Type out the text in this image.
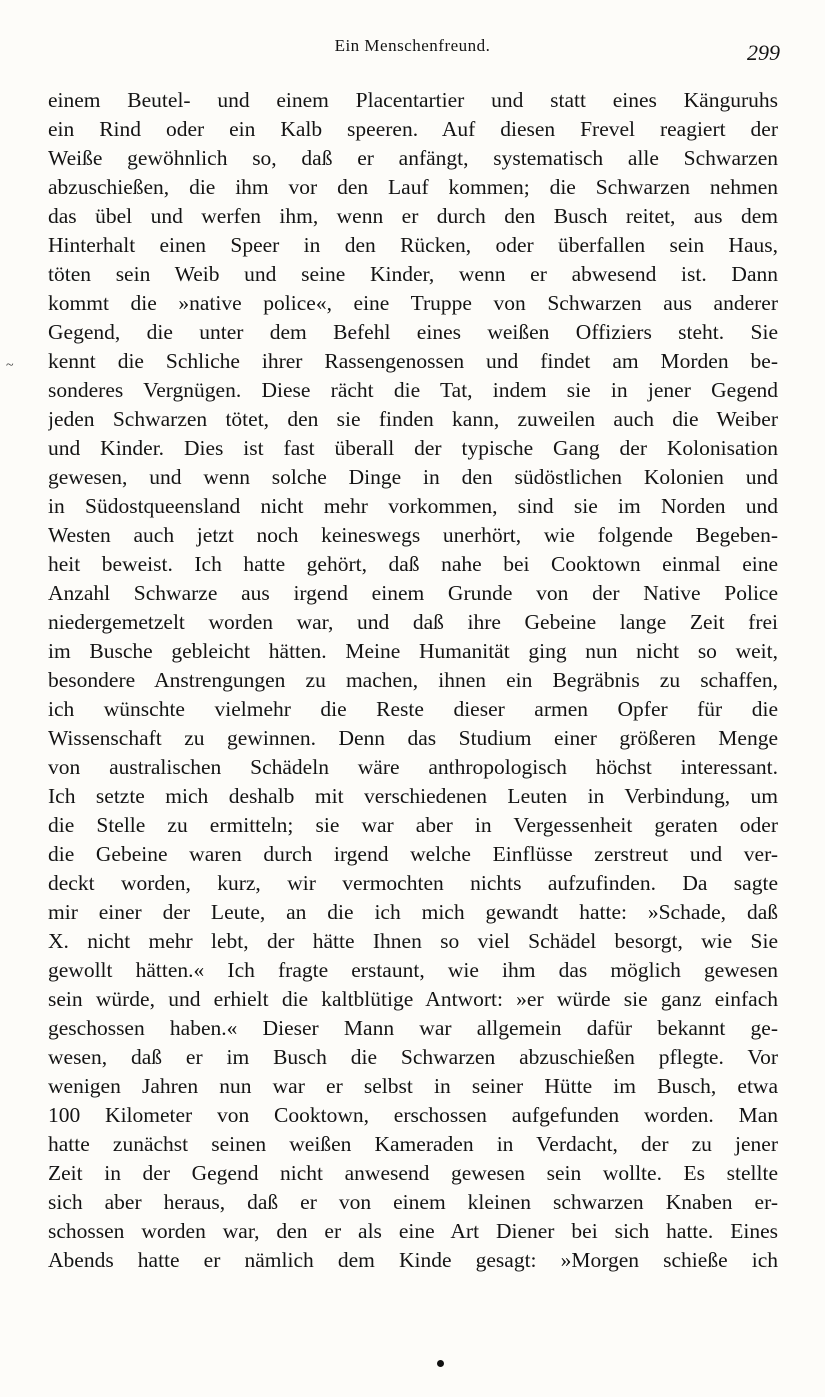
Ein Menschenfreund.	299
~
einem Beutel- und einem Placentartier und statt eines Känguruhs
ein Rind oder ein Kalb speeren. Auf diesen Frevel reagiert der
Weiße gewöhnlich so, daß er anfängt, systematisch alle Schwarzen
abzuschießen, die ihm vor den Lauf kommen; die Schwarzen nehmen
das übel und werfen ihm, wenn er durch den Busch reitet, aus dem
Hinterhalt einen Speer in den Rücken, oder überfallen sein Haus,
töten sein Weib und seine Kinder, wenn er abwesend ist. Dann
kommt die »native police«, eine Truppe von Schwarzen aus anderer
Gegend, die unter dem Befehl eines weißen Offiziers steht. Sie
kennt die Schliche ihrer Rassengenossen und findet am Morden be-
sonderes Vergnügen. Diese rächt die Tat, indem sie in jener Gegend
jeden Schwarzen tötet, den sie finden kann, zuweilen auch die Weiber
und Kinder. Dies ist fast überall der typische Gang der Kolonisation
gewesen, und wenn solche Dinge in den südöstlichen Kolonien und
in Südostqueensland nicht mehr vorkommen, sind sie im Norden und
Westen auch jetzt noch keineswegs unerhört, wie folgende Begeben-
heit beweist. Ich hatte gehört, daß nahe bei Cooktown einmal eine
Anzahl Schwarze aus irgend einem Grunde von der Native Police
niedergemetzelt worden war, und daß ihre Gebeine lange Zeit frei
im Busche gebleicht hätten. Meine Humanität ging nun nicht so weit,
besondere Anstrengungen zu machen, ihnen ein Begräbnis zu schaffen,
ich wünschte vielmehr die Reste dieser armen Opfer für die
Wissenschaft zu gewinnen. Denn das Studium einer größeren Menge
von australischen Schädeln wäre anthropologisch höchst interessant.
Ich setzte mich deshalb mit verschiedenen Leuten in Verbindung, um
die Stelle zu ermitteln; sie war aber in Vergessenheit geraten oder
die Gebeine waren durch irgend welche Einflüsse zerstreut und ver-
deckt worden, kurz, wir vermochten nichts aufzufinden. Da sagte
mir einer der Leute, an die ich mich gewandt hatte: »Schade, daß
X. nicht mehr lebt, der hätte Ihnen so viel Schädel besorgt, wie Sie
gewollt hätten.« Ich fragte erstaunt, wie ihm das möglich gewesen
sein würde, und erhielt die kaltblütige Antwort: »er würde sie ganz einfach
geschossen haben.« Dieser Mann war allgemein dafür bekannt ge-
wesen, daß er im Busch die Schwarzen abzuschießen pflegte. Vor
wenigen Jahren nun war er selbst in seiner Hütte im Busch, etwa
100 Kilometer von Cooktown, erschossen aufgefunden worden. Man
hatte zunächst seinen weißen Kameraden in Verdacht, der zu jener
Zeit in der Gegend nicht anwesend gewesen sein wollte. Es stellte
sich aber heraus, daß er von einem kleinen schwarzen Knaben er-
schossen worden war, den er als eine Art Diener bei sich hatte. Eines
Abends hatte er nämlich dem Kinde gesagt: »Morgen schieße ich
